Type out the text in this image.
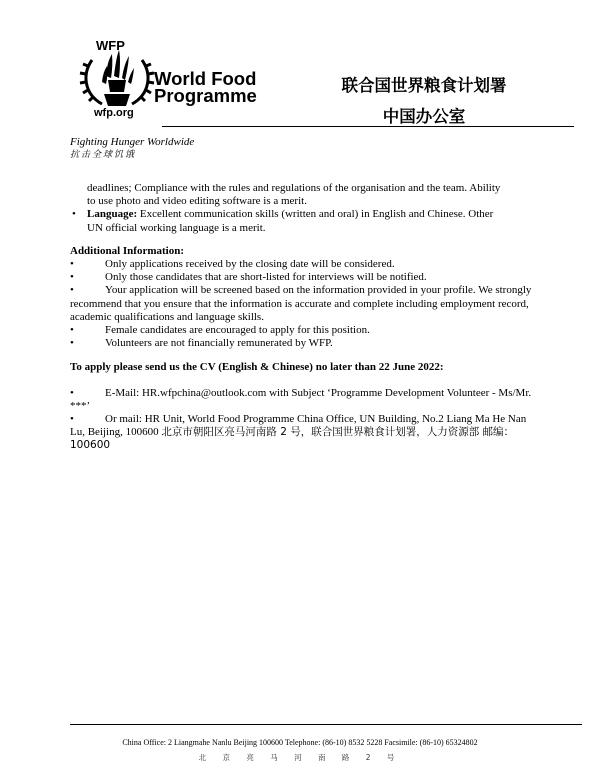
WFP
World Food
Programme
wfp.org
联合国世界粮食计划署
中国办公室
Fighting Hunger Worldwide
抗击全球饥饿
deadlines; Compliance with the rules and regulations of the organisation and the team. Ability
to use photo and video editing software is a merit.
• Language: Excellent communication skills (written and oral) in English and Chinese. Other
UN official working language is a merit.
Additional Information:
•	Only applications received by the closing date will be considered.
•	Only those candidates that are short-listed for interviews will be notified.
•	Your application will be screened based on the information provided in your profile. We strongly recommend that you ensure that the information is accurate and complete including employment record, academic qualifications and language skills.
•	Female candidates are encouraged to apply for this position.
•	Volunteers are not financially remunerated by WFP.
To apply please send us the CV (English & Chinese) no later than 22 June 2022:
•	E-Mail: HR.wfpchina@outlook.com with Subject ‘Programme Development Volunteer - Ms/Mr. ***’
•	Or mail: HR Unit, World Food Programme China Office, UN Building, No.2 Liang Ma He Nan Lu, Beijing, 100600 北京市朝阳区亮马河南路 2 号，联合国世界粮食计划署，人力资源部 邮编：100600
China Office: 2 Liangmahe Nanlu Beijing 100600 Telephone: (86-10) 8532 5228 Facsimile: (86-10) 65324802
北 京 亮 马 河 南 路 2 号
